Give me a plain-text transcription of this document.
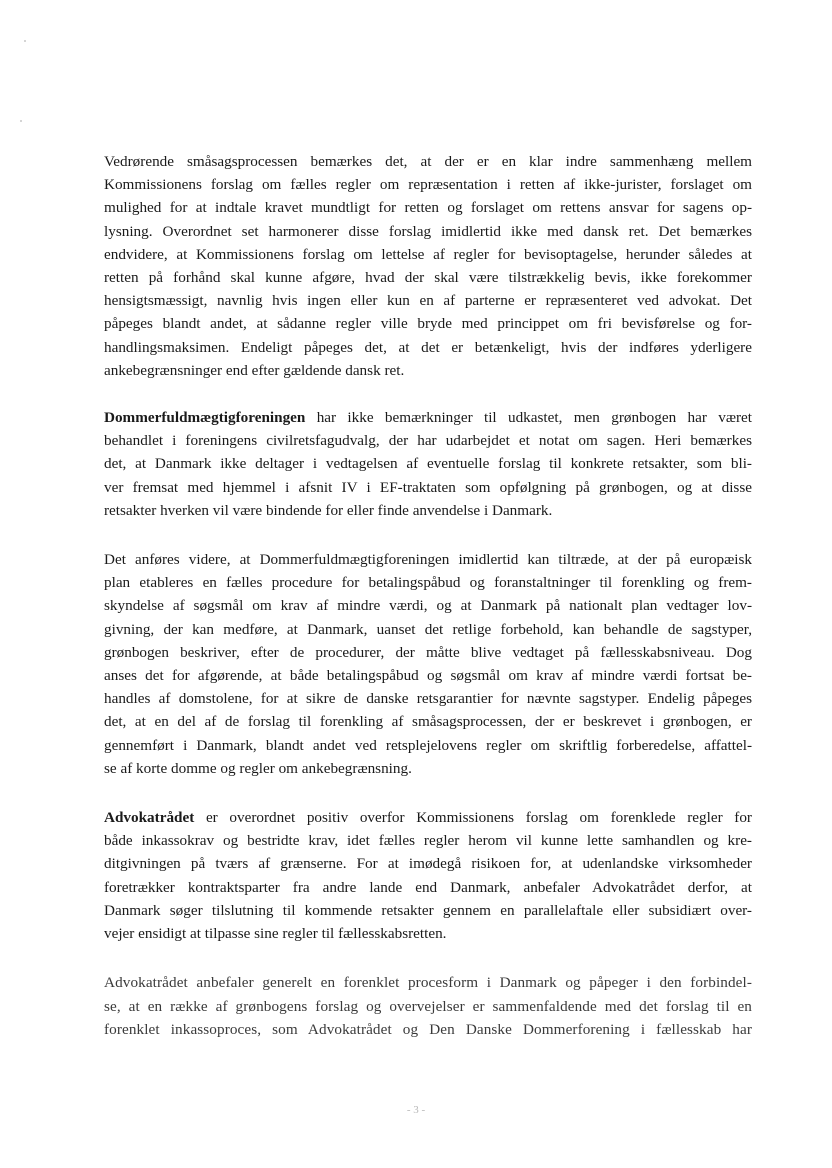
Vedrørende småsagsprocessen bemærkes det, at der er en klar indre sammenhæng mellem
Kommissionens forslag om fælles regler om repræsentation i retten af ikke-jurister, forslaget om
mulighed for at indtale kravet mundtligt for retten og forslaget om rettens ansvar for sagens op-
lysning. Overordnet set harmonerer disse forslag imidlertid ikke med dansk ret. Det bemærkes
endvidere, at Kommissionens forslag om lettelse af regler for bevisoptagelse, herunder således at
retten på forhånd skal kunne afgøre, hvad der skal være tilstrækkelig bevis, ikke forekommer
hensigtsmæssigt, navnlig hvis ingen eller kun en af parterne er repræsenteret ved advokat. Det
påpeges blandt andet, at sådanne regler ville bryde med princippet om fri bevisførelse og for-
handlingsmaksimen. Endeligt påpeges det, at det er betænkeligt, hvis der indføres yderligere
ankebegrænsninger end efter gældende dansk ret.

Dommerfuldmægtigforeningen har ikke bemærkninger til udkastet, men grønbogen har været
behandlet i foreningens civilretsfagudvalg, der har udarbejdet et notat om sagen. Heri bemærkes
det, at Danmark ikke deltager i vedtagelsen af eventuelle forslag til konkrete retsakter, som bli-
ver fremsat med hjemmel i afsnit IV i EF-traktaten som opfølgning på grønbogen, og at disse
retsakter hverken vil være bindende for eller finde anvendelse i Danmark.

Det anføres videre, at Dommerfuldmægtigforeningen imidlertid kan tiltræde, at der på europæisk
plan etableres en fælles procedure for betalingspåbud og foranstaltninger til forenkling og frem-
skyndelse af søgsmål om krav af mindre værdi, og at Danmark på nationalt plan vedtager lov-
givning, der kan medføre, at Danmark, uanset det retlige forbehold, kan behandle de sagstyper,
grønbogen beskriver, efter de procedurer, der måtte blive vedtaget på fællesskabsniveau. Dog
anses det for afgørende, at både betalingspåbud og søgsmål om krav af mindre værdi fortsat be-
handles af domstolene, for at sikre de danske retsgarantier for nævnte sagstyper. Endelig påpeges
det, at en del af de forslag til forenkling af småsagsprocessen, der er beskrevet i grønbogen, er
gennemført i Danmark, blandt andet ved retsplejelovens regler om skriftlig forberedelse, affattel-
se af korte domme og regler om ankebegrænsning.

Advokatrådet er overordnet positiv overfor Kommissionens forslag om forenklede regler for
både inkassokrav og bestridte krav, idet fælles regler herom vil kunne lette samhandlen og kre-
ditgivningen på tværs af grænserne. For at imødegå risikoen for, at udenlandske virksomheder
foretrækker kontraktsparter fra andre lande end Danmark, anbefaler Advokatrådet derfor, at
Danmark søger tilslutning til kommende retsakter gennem en parallelaftale eller subsidiært over-
vejer ensidigt at tilpasse sine regler til fællesskabsretten.

Advokatrådet anbefaler generelt en forenklet procesform i Danmark og påpeger i den forbindel-
se, at en række af grønbogens forslag og overvejelser er sammenfaldende med det forslag til en
forenklet inkassoproces, som Advokatrådet og Den Danske Dommerforening i fællesskab har

- 3 -
